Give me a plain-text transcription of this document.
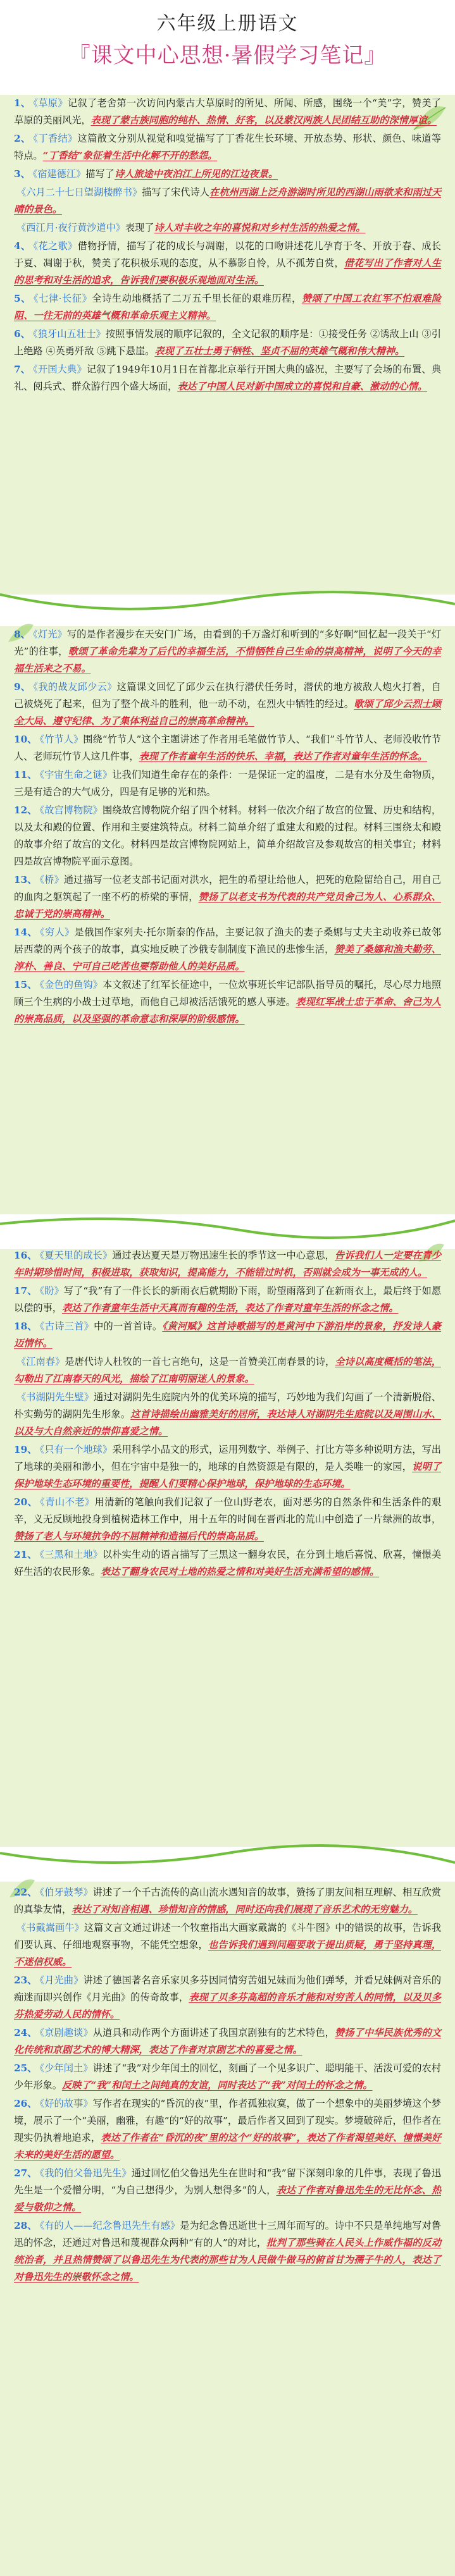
六年级上册语文
『课文中心思想·暑假学习笔记』

1、 《草原》记叙了老舍第一次访问内蒙古大草原时的所见、所闻、所感，围绕一个“美”字，赞美了草原的美丽风光，表现了蒙古族同胞的纯朴、热情、好客，以及蒙汉两族人民团结互助的深情厚谊。

2、 《丁香结》这篇散文分别从视觉和嗅觉描写了丁香花生长环境、开放态势、形状、颜色、味道等特点。“丁香结”象征着生活中化解不开的愁怨。

3、 《宿建德江》描写了诗人旅途中夜泊江上所见的江边夜景。

《六月二十七日望湖楼醉书》描写了宋代诗人在杭州西湖上泛舟游湖时所见的西湖山雨欲来和雨过天晴的景色。

《西江月·夜行黄沙道中》表现了诗人对丰收之年的喜悦和对乡村生活的热爱之情。

4、 《花之歌》借物抒情，描写了花的成长与凋谢，以花的口吻讲述花儿孕育于冬、开放于春、成长于夏、凋谢于秋，赞美了花积极乐观的态度，从不慕影自怜，从不孤芳自赏，借花写出了作者对人生的思考和对生活的追求，告诉我们要积极乐观地面对生活。

5、 《七律·长征》全诗生动地概括了二万五千里长征的艰难历程，赞颂了中国工农红军不怕艰难险阻、一往无前的英雄气概和革命乐观主义精神。

6、 《狼牙山五壮士》按照事情发展的顺序记叙的，全文记叙的顺序是：①接受任务 ②诱敌上山 ③引上绝路 ④英勇歼敌 ⑤跳下悬崖。表现了五壮士勇于牺牲、坚贞不屈的英雄气概和伟大精神。

7、 《开国大典》记叙了1949年10月1日在首都北京举行开国大典的盛况，主要写了会场的布置、典礼、阅兵式、群众游行四个盛大场面，表达了中国人民对新中国成立的喜悦和自豪、激动的心情。

8、 《灯光》写的是作者漫步在天安门广场，由看到的千万盏灯和听到的“多好啊”回忆起一段关于“灯光”的往事，歌颂了革命先辈为了后代的幸福生活，不惜牺牲自己生命的崇高精神，说明了今天的幸福生活来之不易。

9、 《我的战友邱少云》这篇课文回忆了邱少云在执行潜伏任务时，潜伏的地方被敌人炮火打着，自己被烧死了起来，但为了整个战斗的胜利，他一动不动，在烈火中牺牲的经过。歌颂了邱少云烈士顾全大局、遵守纪律、为了集体利益自己的崇高革命精神。

10、 《竹节人》围绕“竹节人”这个主题讲述了作者用毛笔做竹节人、“我们”斗竹节人、老师没收竹节人、老师玩竹节人这几件事，表现了作者童年生活的快乐、幸福，表达了作者对童年生活的怀念。

11、 《宇宙生命之谜》让我们知道生命存在的条件：一是保证一定的温度，二是有水分及生命物质，三是有适合的大气成分，四是有足够的光和热。

12、 《故宫博物院》围绕故宫博物院介绍了四个材料。材料一依次介绍了故宫的位置、历史和结构，以及太和殿的位置、作用和主要建筑特点。材料二简单介绍了重建太和殿的过程。材料三围绕太和殿的故事介绍了故宫的文化。材料四是故宫博物院网站上，简单介绍故宫及参观故宫的相关事宜；材料四是故宫博物院平面示意图。

13、 《桥》通过描写一位老支部书记面对洪水，把生的希望让给他人，把死的危险留给自己，用自己的血肉之躯筑起了一座不朽的桥梁的事情，赞扬了以老支书为代表的共产党员舍己为人、心系群众、忠诚于党的崇高精神。

14、 《穷人》是俄国作家列夫·托尔斯泰的作品，主要记叙了渔夫的妻子桑娜与丈夫主动收养已故邻居西蒙的两个孩子的故事，真实地反映了沙俄专制制度下渔民的悲惨生活，赞美了桑娜和渔夫勤劳、淳朴、善良、宁可自己吃苦也要帮助他人的美好品质。

15、 《金色的鱼钩》本文叙述了红军长征途中，一位炊事班长牢记部队指导员的嘱托，尽心尽力地照顾三个生病的小战士过草地，而他自己却被活活饿死的感人事迹。表现红军战士忠于革命、舍己为人的崇高品质，以及坚强的革命意志和深厚的阶级感情。

16、 《夏天里的成长》通过表达夏天是万物迅速生长的季节这一中心意思，告诉我们人一定要在青少年时期珍惜时间，积极进取，获取知识，提高能力，不能错过时机，否则就会成为一事无成的人。

17、 《盼》写了“我”有了一件长长的新雨衣后就期盼下雨，盼望雨落到了在新雨衣上，最后终于如愿以偿的事，表达了作者童年生活中天真而有趣的生活，表达了作者对童年生活的怀念之情。

18、 《古诗三首》中的一首首诗。《黄河赋》这首诗歌描写的是黄河中下游沿岸的景象，抒发诗人豪迈情怀。

《江南春》是唐代诗人杜牧的一首七言绝句，这是一首赞美江南春景的诗，全诗以高度概括的笔法，勾勒出了江南春天的风光，描绘了江南明丽迷人的景象。

《书湖阴先生壁》通过对湖阴先生庭院内外的优美环境的描写，巧妙地为我们勾画了一个清新脱俗、朴实勤劳的湖阴先生形象。这首诗描绘出幽雅美好的居所，表达诗人对湖阴先生庭院以及周围山水、以及与大自然亲近的崇仰喜爱之情。

19、 《只有一个地球》采用科学小品文的形式，运用列数字、举例子、打比方等多种说明方法，写出了地球的美丽和渺小，但在宇宙中是独一的，地球的自然资源是有限的，是人类唯一的家园，说明了保护地球生态环境的重要性，提醒人们要精心保护地球，保护地球的生态环境。

20、 《青山不老》用清新的笔触向我们记叙了一位山野老农，面对恶劣的自然条件和生活条件的艰辛，义无反顾地投身到植树造林工作中，用十五年的时间在晋西北的荒山中创造了一片绿洲的故事，赞扬了老人与环境抗争的不屈精神和造福后代的崇高品质。

21、 《三黑和土地》以朴实生动的语言描写了三黑这一翻身农民，在分到土地后喜悦、欣喜，憧憬美好生活的农民形象。表达了翻身农民对土地的热爱之情和对美好生活充满希望的感情。

22、 《伯牙鼓琴》讲述了一个千古流传的高山流水遇知音的故事，赞扬了朋友间相互理解、相互欣赏的真挚友情，表达了对知音相遇、珍惜知音的情感，同时还向我们展现了音乐艺术的无穷魅力。

《书戴嵩画牛》这篇文言文通过讲述一个牧童指出大画家戴嵩的《斗牛图》中的错误的故事，告诉我们要认真、仔细地观察事物，不能凭空想象，也告诉我们遇到问题要敢于提出质疑，勇于坚持真理，不迷信权威。

23、 《月光曲》讲述了德国著名音乐家贝多芬因同情穷苦姐兄妹而为他们弹琴，并看兄妹俩对音乐的痴迷而即兴创作《月光曲》的传奇故事，表现了贝多芬高超的音乐才能和对穷苦人的同情，以及贝多芬热爱劳动人民的情怀。

24、 《京剧趣谈》从道具和动作两个方面讲述了我国京剧独有的艺术特色，赞扬了中华民族优秀的文化传统和京剧艺术的博大精深，表达了作者对京剧艺术的喜爱之情。

25、 《少年闰土》讲述了“我”对少年闰土的回忆，刻画了一个见多识广、聪明能干、活泼可爱的农村少年形象。反映了“我”和闰土之间纯真的友谊，同时表达了“我”对闰土的怀念之情。

26、 《好的故事》写作者在现实的“昏沉的夜”里，作者孤独寂寞，做了一个想象中的美丽梦境这个梦境，展示了一个“美丽，幽雅，有趣”的“好的故事”，最后作者又回到了现实。梦境破碎后，但作者在现实仍执着地追求，表达了作者在“昏沉的夜”里的这个“好的故事”，表达了作者渴望美好、憧憬美好未来的美好生活的愿望。

27、 《我的伯父鲁迅先生》通过回忆伯父鲁迅先生在世时和“我”留下深刻印象的几件事，表现了鲁迅先生是一个爱憎分明，“为自己想得少，为别人想得多”的人，表达了作者对鲁迅先生的无比怀念、热爱与敬仰之情。

28、 《有的人——纪念鲁迅先生有感》是为纪念鲁迅逝世十三周年而写的。诗中不只是单纯地写对鲁迅的怀念，还通过对鲁迅和蔑视群众两种“有的人”的对比，批判了那些骑在人民头上作威作福的反动统治者，并且热情赞颂了以鲁迅先生为代表的那些甘为人民做牛做马的俯首甘为孺子牛的人，表达了对鲁迅先生的崇敬怀念之情。
